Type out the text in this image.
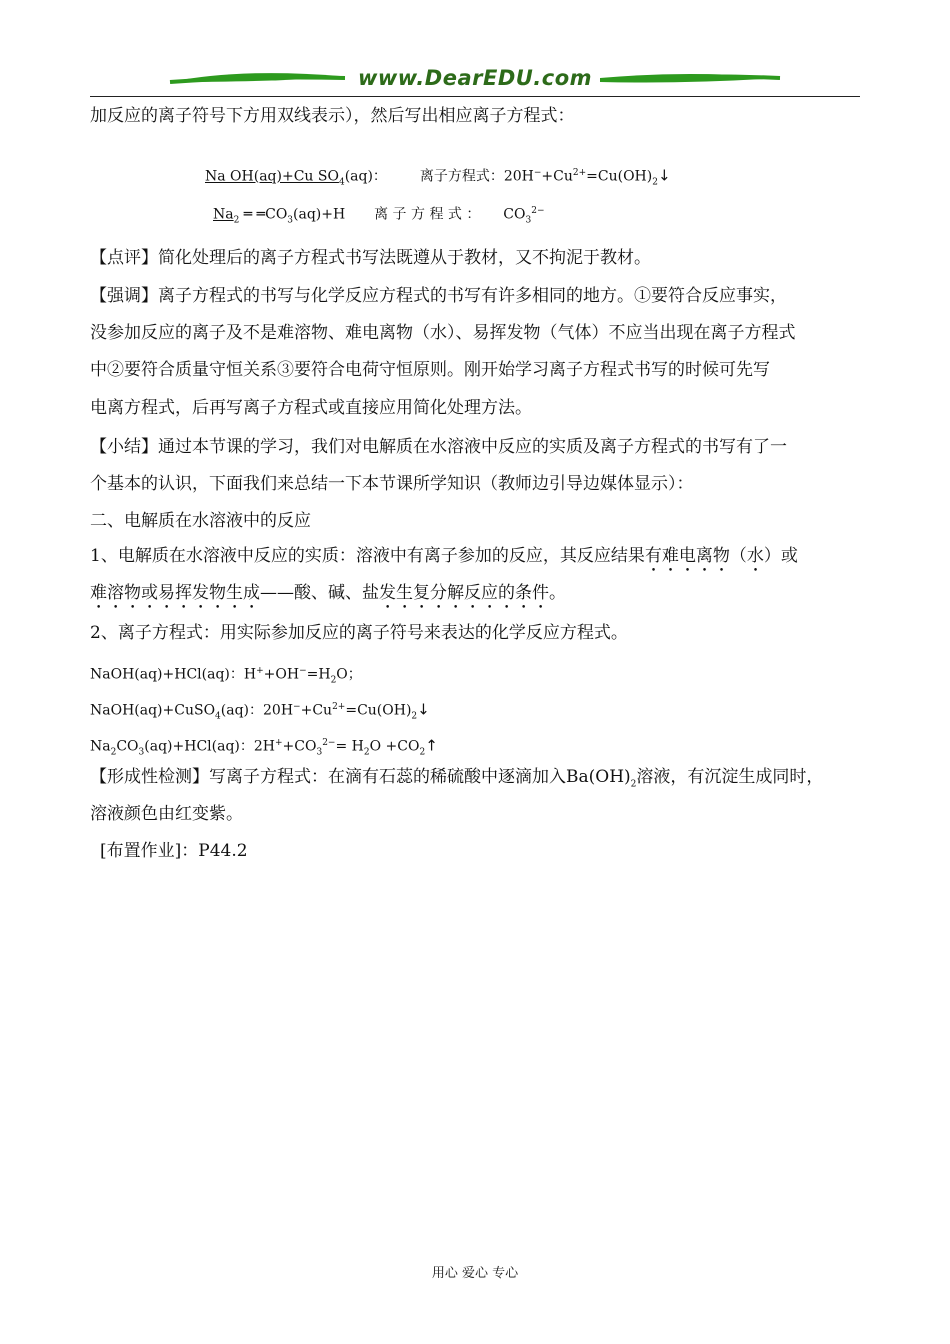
www.DearEDU.com
加反应的离子符号下方用双线表示），然后写出相应离子方程式：
Na OH(aq)+Cu $SO_4(aq)$： 离子方程式：$20H^-+Cu^{2+}=Cu(OH)_2↓$
$Na_2$ ═ $═CO_3(aq)+H$ 离 子 方 程 式 ： $CO_3^{2-}$
【点评】简化处理后的离子方程式书写法既遵从于教材，又不拘泥于教材。
【强调】离子方程式的书写与化学反应方程式的书写有许多相同的地方。①要符合反应事实，
没参加反应的离子及不是难溶物、难电离物（水）、易挥发物（气体）不应当出现在离子方程式
中②要符合质量守恒关系③要符合电荷守恒原则。刚开始学习离子方程式书写的时候可先写
电离方程式，后再写离子方程式或直接应用简化处理方法。
【小结】通过本节课的学习，我们对电解质在水溶液中反应的实质及离子方程式的书写有了一
个基本的认识，下面我们来总结一下本节课所学知识（教师边引导边媒体显示）：
二、电解质在水溶液中的反应
1、电解质在水溶液中反应的实质：溶液中有离子参加的反应，其反应结果有难电离物（水）或
难溶物或易挥发物生成——酸、碱、盐发生复分解反应的条件。
2、离子方程式：用实际参加反应的离子符号来表达的化学反应方程式。
NaOH(aq)+HCl(aq)：$H^++OH^-=H_2O$；
NaOH(aq)+CuSO$_4$(aq)：$20H^-+Cu^{2+}=Cu(OH)_2↓$
$Na_2CO_3(aq)+HCl(aq)$：$2H^++CO_3^{2-}= H_2O$ $+CO_2↑$
【形成性检测】写离子方程式：在滴有石蕊的稀硫酸中逐滴加入$Ba(OH)_2$溶液，有沉淀生成同时，
溶液颜色由红变紫。
[布置作业]：P44.2
用心 爱心 专心
